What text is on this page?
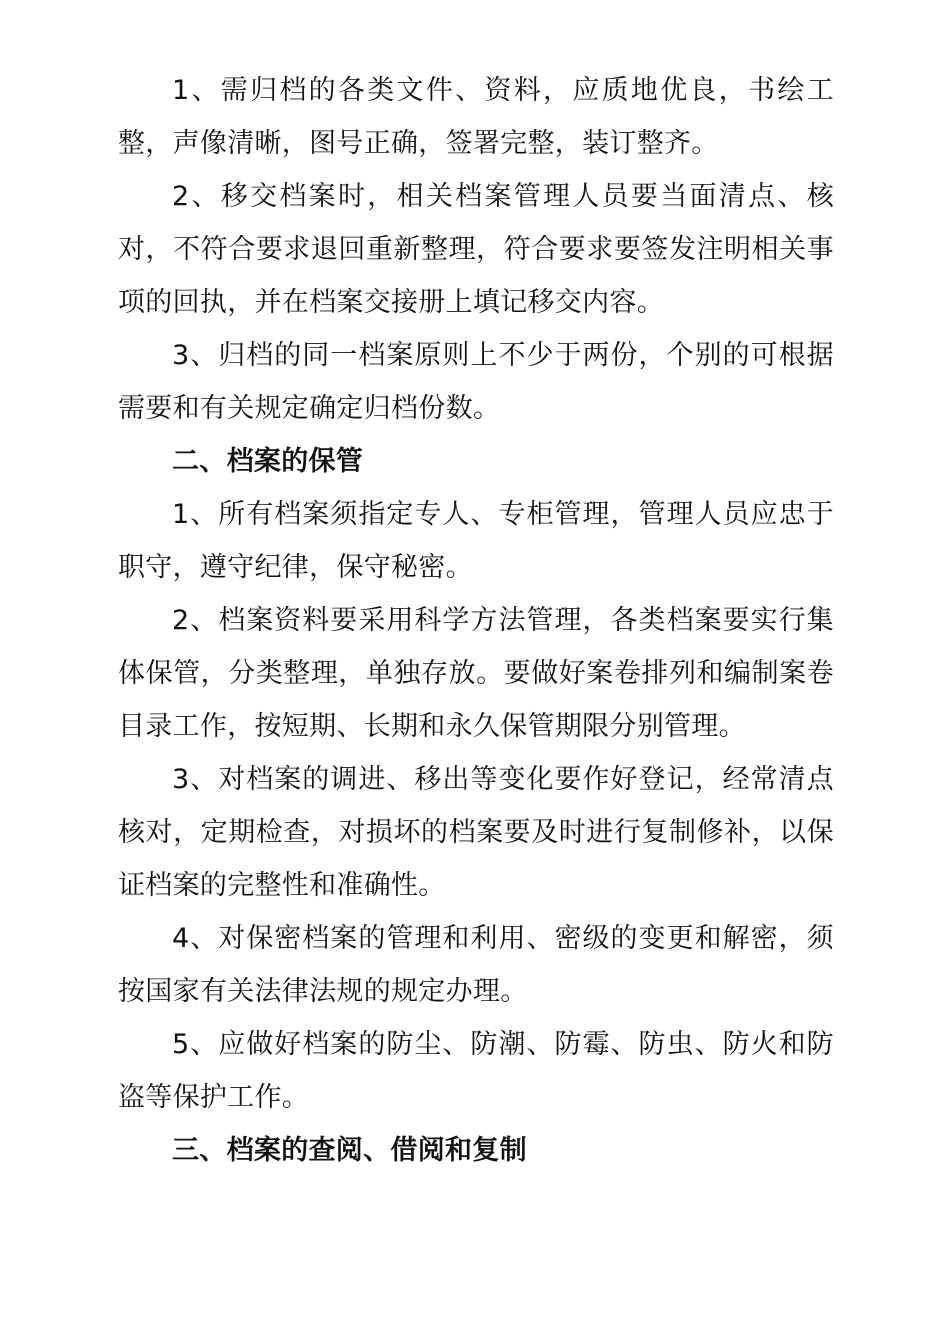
1、需归档的各类文件、资料，应质地优良，书绘工整，声像清晰，图号正确，签署完整，装订整齐。

2、移交档案时，相关档案管理人员要当面清点、核对，不符合要求退回重新整理，符合要求要签发注明相关事项的回执，并在档案交接册上填记移交内容。

3、归档的同一档案原则上不少于两份，个别的可根据需要和有关规定确定归档份数。

二、档案的保管

1、所有档案须指定专人、专柜管理，管理人员应忠于职守，遵守纪律，保守秘密。

2、档案资料要采用科学方法管理，各类档案要实行集体保管，分类整理，单独存放。要做好案卷排列和编制案卷目录工作，按短期、长期和永久保管期限分别管理。

3、对档案的调进、移出等变化要作好登记，经常清点核对，定期检查，对损坏的档案要及时进行复制修补，以保证档案的完整性和准确性。

4、对保密档案的管理和利用、密级的变更和解密，须按国家有关法律法规的规定办理。

5、应做好档案的防尘、防潮、防霉、防虫、防火和防盗等保护工作。

三、档案的查阅、借阅和复制
